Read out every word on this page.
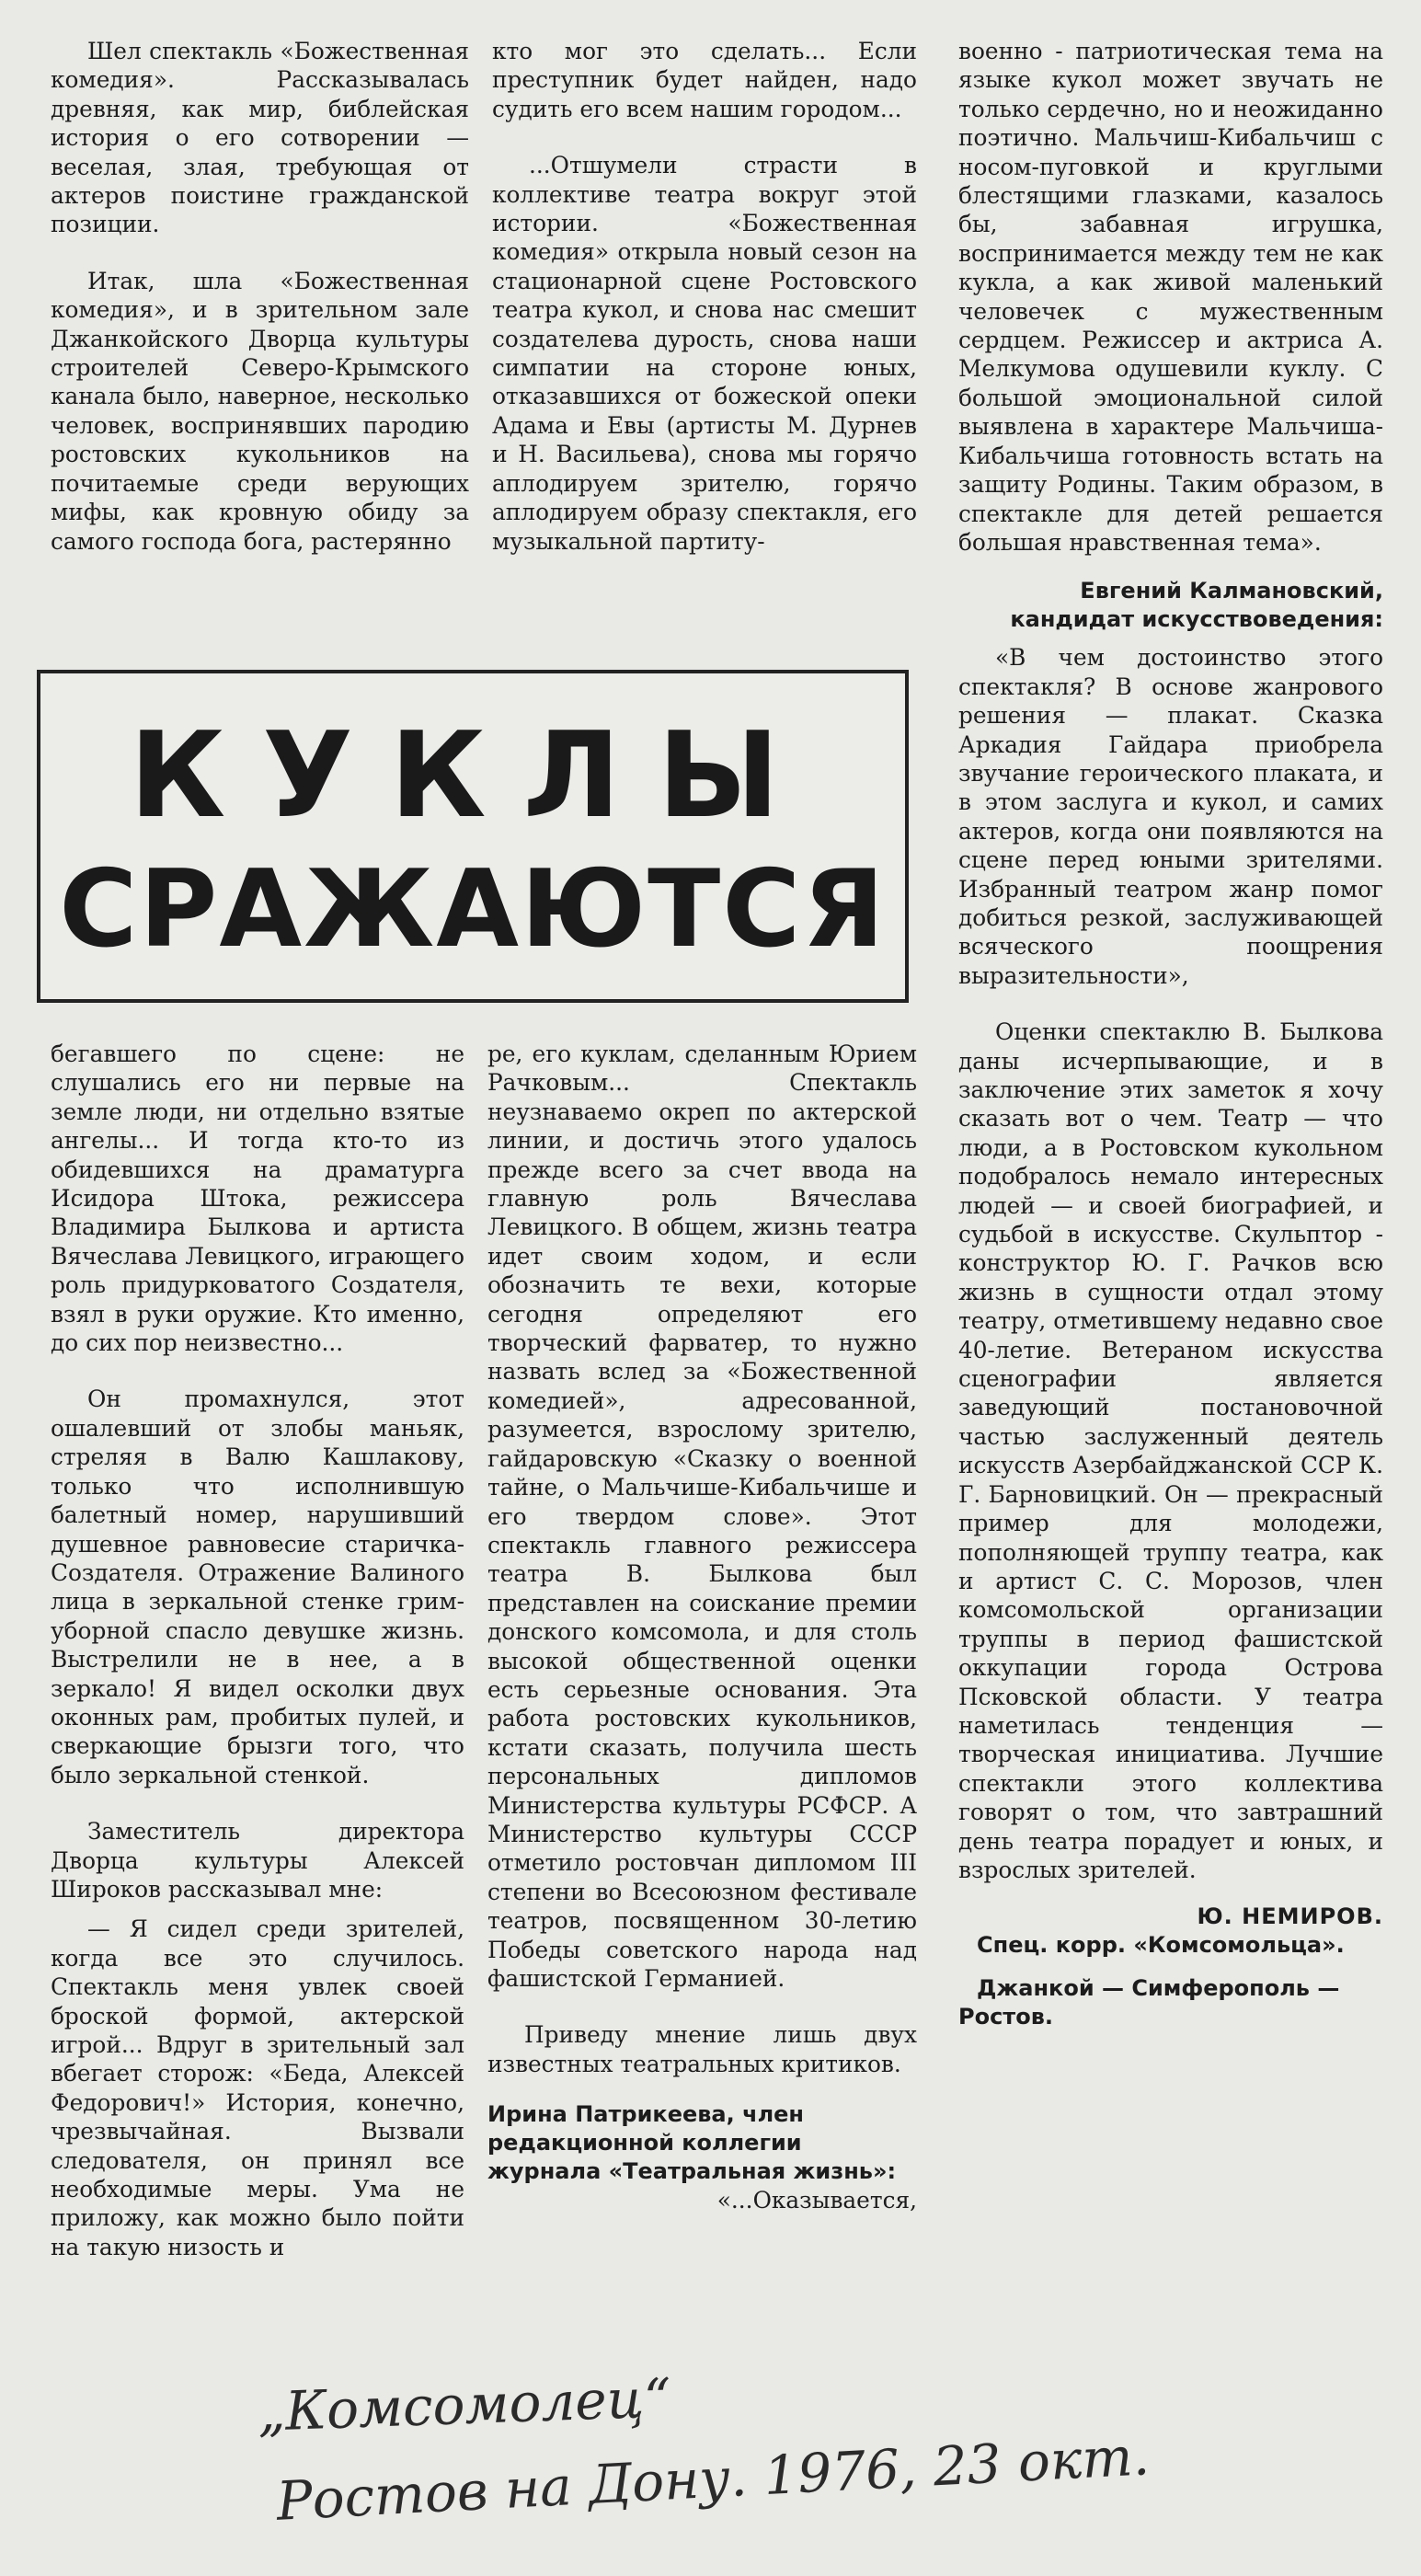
Шел спектакль «Божественная комедия». Рассказывалась древняя, как мир, библейская история о его сотворении — веселая, злая, требующая от актеров поистине гражданской позиции.

Итак, шла «Божественная комедия», и в зрительном зале Джанкойского Дворца культуры строителей Северо-Крымского канала было, наверное, несколько человек, воспринявших пародию ростовских кукольников на почитаемые среди верующих мифы, как кровную обиду за самого господа бога, растерянно

кто мог это сделать... Если преступник будет найден, надо судить его всем нашим городом...

...Отшумели страсти в коллективе театра вокруг этой истории. «Божественная комедия» открыла новый сезон на стационарной сцене Ростовского театра кукол, и снова нас смешит создателева дурость, снова наши симпатии на стороне юных, отказавшихся от божеской опеки Адама и Евы (артисты М. Дурнев и Н. Васильева), снова мы горячо аплодируем зрителю, горячо аплодируем образу спектакля, его музыкальной партиту-

КУКЛЫ
СРАЖАЮТСЯ

военно - патриотическая тема на языке кукол может звучать не только сердечно, но и неожиданно поэтично. Мальчиш-Кибальчиш с носом-пуговкой и круглыми блестящими глазками, казалось бы, забавная игрушка, воспринимается между тем не как кукла, а как живой маленький человечек с мужественным сердцем. Режиссер и актриса А. Мелкумова одушевили куклу. С большой эмоциональной силой выявлена в характере Мальчиша-Кибальчиша готовность встать на защиту Родины. Таким образом, в спектакле для детей решается большая нравственная тема».

Евгений Калмановский, кандидат искусствоведения:

«В чем достоинство этого спектакля? В основе жанрового решения — плакат. Сказка Аркадия Гайдара приобрела звучание героического плаката, и в этом заслуга и кукол, и самих актеров, когда они появляются на сцене перед юными зрителями. Избранный театром жанр помог добиться резкой, заслуживающей всяческого поощрения выразительности»,

Оценки спектаклю В. Былкова даны исчерпывающие, и в заключение этих заметок я хочу сказать вот о чем. Театр — что люди, а в Ростовском кукольном подобралось немало интересных людей — и своей биографией, и судьбой в искусстве. Скульптор - конструктор Ю. Г. Рачков всю жизнь в сущности отдал этому театру, отметившему недавно свое 40-летие. Ветераном искусства сценографии является заведующий постановочной частью заслуженный деятель искусств Азербайджанской ССР К. Г. Барновицкий. Он — прекрасный пример для молодежи, пополняющей труппу театра, как и артист С. С. Морозов, член комсомольской организации труппы в период фашистской оккупации города Острова Псковской области. У театра наметилась тенденция — творческая инициатива. Лучшие спектакли этого коллектива говорят о том, что завтрашний день театра порадует и юных, и взрослых зрителей.

Ю. НЕМИРОВ.
Спец. корр. «Комсомольца».
Джанкой — Симферополь — Ростов.

бегавшего по сцене: не слушались его ни первые на земле люди, ни отдельно взятые ангелы... И тогда кто-то из обидевшихся на драматурга Исидора Штока, режиссера Владимира Былкова и артиста Вячеслава Левицкого, играющего роль придурковатого Создателя, взял в руки оружие. Кто именно, до сих пор неизвестно...

Он промахнулся, этот ошалевший от злобы маньяк, стреляя в Валю Кашлакову, только что исполнившую балетный номер, нарушивший душевное равновесие старичка-Создателя. Отражение Валиного лица в зеркальной стенке грим-уборной спасло девушке жизнь. Выстрелили не в нее, а в зеркало! Я видел осколки двух оконных рам, пробитых пулей, и сверкающие брызги того, что было зеркальной стенкой.

Заместитель директора Дворца культуры Алексей Широков рассказывал мне:

— Я сидел среди зрителей, когда все это случилось. Спектакль меня увлек своей броской формой, актерской игрой... Вдруг в зрительный зал вбегает сторож: «Беда, Алексей Федорович!» История, конечно, чрезвычайная. Вызвали следователя, он принял все необходимые меры. Ума не приложу, как можно было пойти на такую низость и

ре, его куклам, сделанным Юрием Рачковым... Спектакль неузнаваемо окреп по актерской линии, и достичь этого удалось прежде всего за счет ввода на главную роль Вячеслава Левицкого. В общем, жизнь театра идет своим ходом, и если обозначить те вехи, которые сегодня определяют его творческий фарватер, то нужно назвать вслед за «Божественной комедией», адресованной, разумеется, взрослому зрителю, гайдаровскую «Сказку о военной тайне, о Мальчише-Кибальчише и его твердом слове». Этот спектакль главного режиссера театра В. Былкова был представлен на соискание премии донского комсомола, и для столь высокой общественной оценки есть серьезные основания. Эта работа ростовских кукольников, кстати сказать, получила шесть персональных дипломов Министерства культуры РСФСР. А Министерство культуры СССР отметило ростовчан дипломом III степени во Всесоюзном фестивале театров, посвященном 30-летию Победы советского народа над фашистской Германией.

Приведу мнение лишь двух известных театральных критиков.

Ирина Патрикеева, член редакционной коллегии журнала «Театральная жизнь»:
«...Оказывается,
„Комсомолец“
Ростов на Дону. 1976, 23 окт.
